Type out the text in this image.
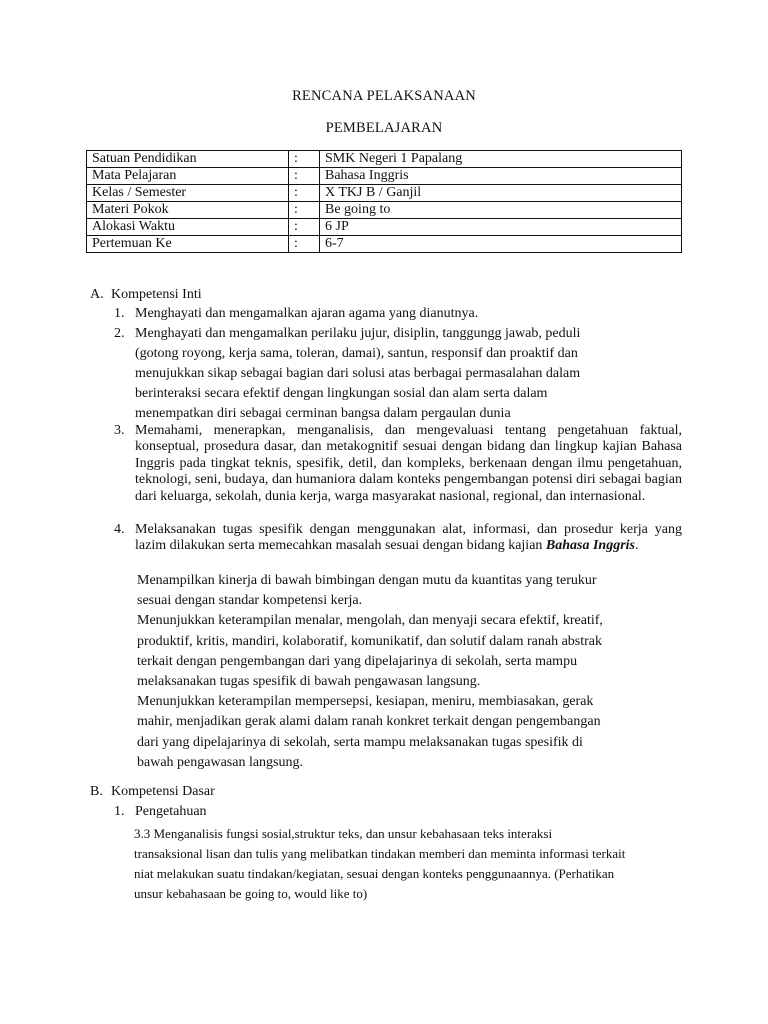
RENCANA PELAKSANAAN
PEMBELAJARAN
Satuan Pendidikan	:	SMK Negeri 1 Papalang
Mata Pelajaran	:	Bahasa Inggris
Kelas / Semester	:	X TKJ B / Ganjil
Materi Pokok	:	Be going to
Alokasi Waktu	:	6 JP
Pertemuan Ke	:	6-7
A. Kompetensi Inti
1. Menghayati dan mengamalkan ajaran agama yang dianutnya.
2. Menghayati dan mengamalkan perilaku jujur, disiplin, tanggungg jawab, peduli
(gotong royong, kerja sama, toleran, damai), santun, responsif dan proaktif dan
menujukkan sikap sebagai bagian dari solusi atas berbagai permasalahan dalam
berinteraksi secara efektif dengan lingkungan sosial dan alam serta dalam
menempatkan diri sebagai cerminan bangsa dalam pergaulan dunia
3. Memahami, menerapkan, menganalisis, dan mengevaluasi tentang pengetahuan faktual, konseptual, prosedura dasar, dan metakognitif sesuai dengan bidang dan lingkup kajian Bahasa Inggris pada tingkat teknis, spesifik, detil, dan kompleks, berkenaan dengan ilmu pengetahuan, teknologi, seni, budaya, dan humaniora dalam konteks pengembangan potensi diri sebagai bagian dari keluarga, sekolah, dunia kerja, warga masyarakat nasional, regional, dan internasional.
4. Melaksanakan tugas spesifik dengan menggunakan alat, informasi, dan prosedur kerja yang lazim dilakukan serta memecahkan masalah sesuai dengan bidang kajian Bahasa Inggris.
Menampilkan kinerja di bawah bimbingan dengan mutu da kuantitas yang terukur
sesuai dengan standar kompetensi kerja.
Menunjukkan keterampilan menalar, mengolah, dan menyaji secara efektif, kreatif,
produktif, kritis, mandiri, kolaboratif, komunikatif, dan solutif dalam ranah abstrak
terkait dengan pengembangan dari yang dipelajarinya di sekolah, serta mampu
melaksanakan tugas spesifik di bawah pengawasan langsung.
Menunjukkan keterampilan mempersepsi, kesiapan, meniru, membiasakan, gerak
mahir, menjadikan gerak alami dalam ranah konkret terkait dengan pengembangan
dari yang dipelajarinya di sekolah, serta mampu melaksanakan tugas spesifik di
bawah pengawasan langsung.
B. Kompetensi Dasar
1. Pengetahuan
3.3 Menganalisis fungsi sosial,struktur teks, dan unsur kebahasaan teks interaksi
transaksional lisan dan tulis yang melibatkan tindakan memberi dan meminta informasi terkait
niat melakukan suatu tindakan/kegiatan, sesuai dengan konteks penggunaannya. (Perhatikan
unsur kebahasaan be going to, would like to)
